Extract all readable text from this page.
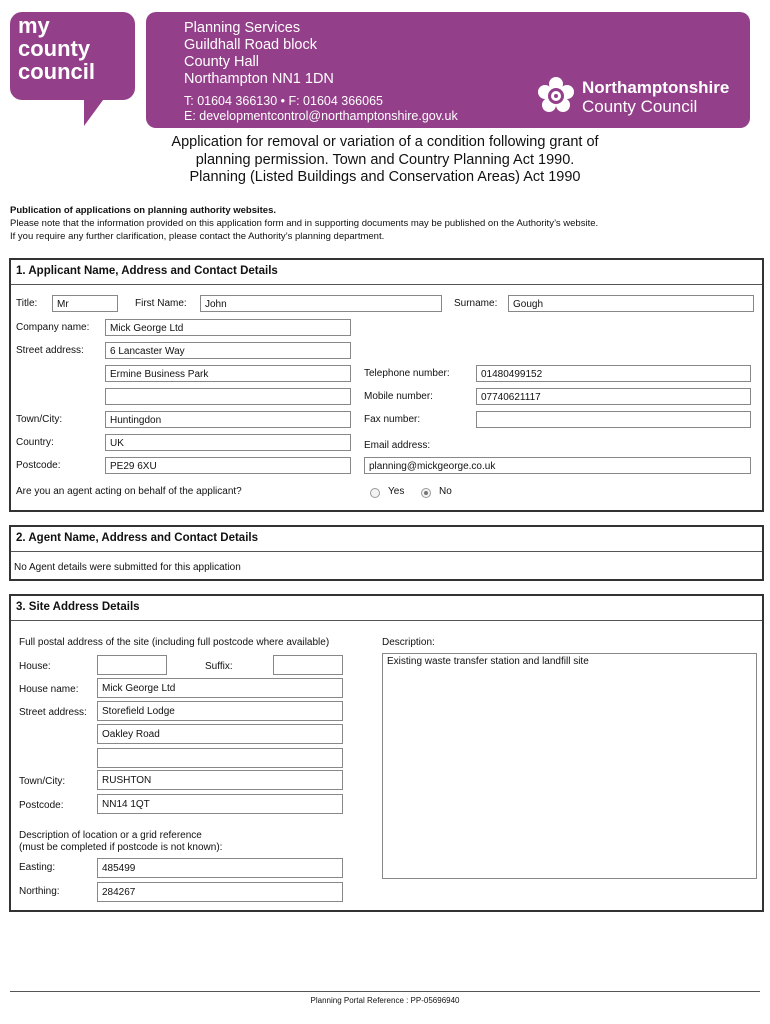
my
county
council
Planning Services
Guildhall Road block
County Hall
Northampton NN1 1DN
T: 01604 366130 • F: 01604 366065
E: developmentcontrol@northamptonshire.gov.uk
Northamptonshire
County Council
Application for removal or variation of a condition following grant of
planning permission. Town and Country Planning Act 1990.
Planning (Listed Buildings and Conservation Areas) Act 1990
Publication of applications on planning authority websites.
Please note that the information provided on this application form and in supporting documents may be published on the Authority’s website.
If you require any further clarification, please contact the Authority’s planning department.
1. Applicant Name, Address and Contact Details
Title:	Mr	First Name:	John	Surname:	Gough
Company name:	Mick George Ltd
Street address:	6 Lancaster Way
Ermine Business Park
Town/City:	Huntingdon
Country:	UK
Postcode:	PE29 6XU
Telephone number:	01480499152
Mobile number:	07740621117
Fax number:
Email address:
planning@mickgeorge.co.uk
Are you an agent acting on behalf of the applicant?	Yes	No
2. Agent Name, Address and Contact Details
No Agent details were submitted for this application
3. Site Address Details
Full postal address of the site (including full postcode where available)	Description:
Existing waste transfer station and landfill site
House:	Suffix:
House name:	Mick George Ltd
Street address:	Storefield Lodge
Oakley Road
Town/City:	RUSHTON
Postcode:	NN14 1QT
Description of location or a grid reference
(must be completed if postcode is not known):
Easting:	485499
Northing:	284267
Planning Portal Reference : PP-05696940
